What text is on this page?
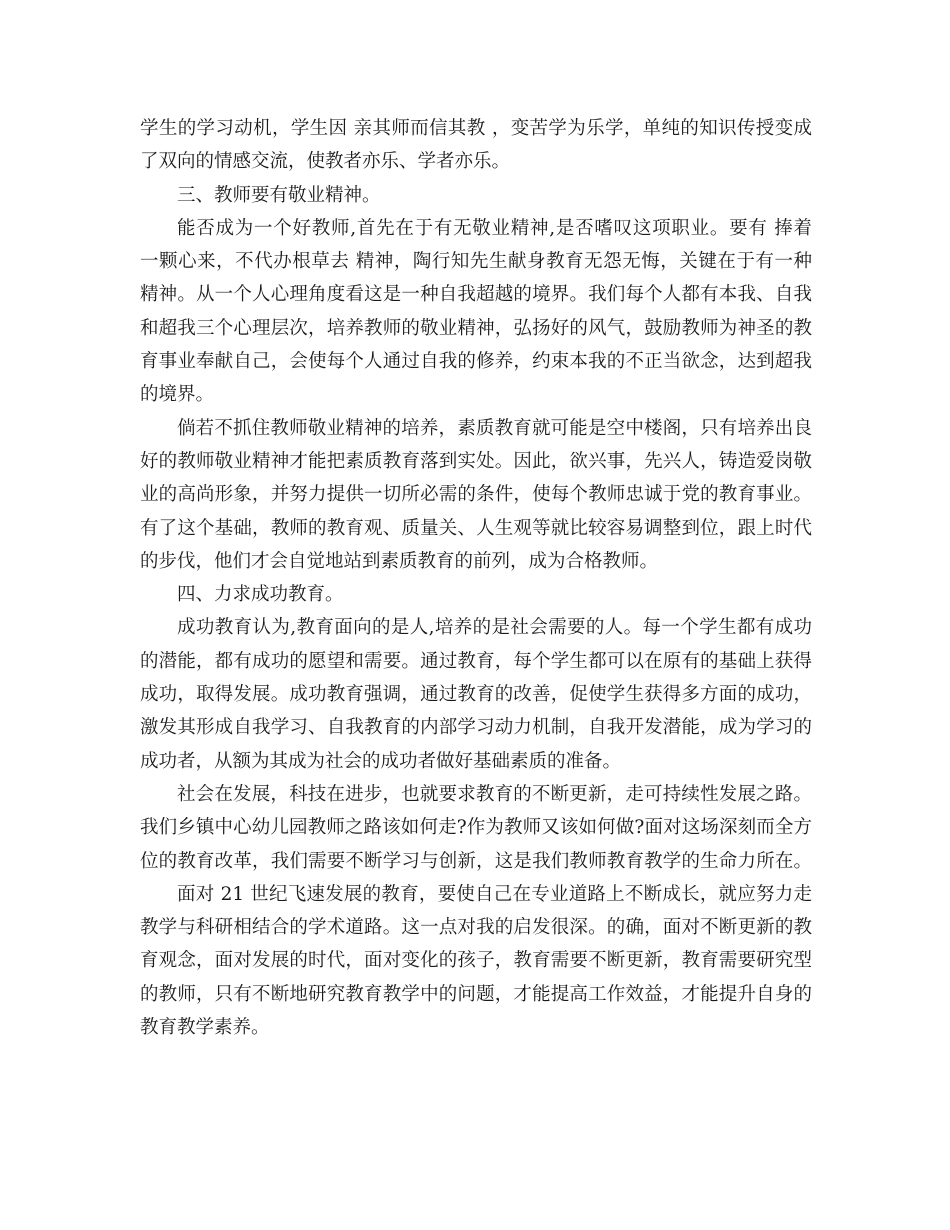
学生的学习动机，学生因 亲其师而信其教 ，变苦学为乐学，单纯的知识传授变成
了双向的情感交流，使教者亦乐、学者亦乐。
三、教师要有敬业精神。
能否成为一个好教师,首先在于有无敬业精神,是否嗜叹这项职业。要有 捧着
一颗心来，不代办根草去 精神，陶行知先生献身教育无怨无悔，关键在于有一种
精神。从一个人心理角度看这是一种自我超越的境界。我们每个人都有本我、自我
和超我三个心理层次，培养教师的敬业精神，弘扬好的风气，鼓励教师为神圣的教
育事业奉献自己，会使每个人通过自我的修养，约束本我的不正当欲念，达到超我
的境界。
倘若不抓住教师敬业精神的培养，素质教育就可能是空中楼阁，只有培养出良
好的教师敬业精神才能把素质教育落到实处。因此，欲兴事，先兴人，铸造爱岗敬
业的高尚形象，并努力提供一切所必需的条件，使每个教师忠诚于党的教育事业。
有了这个基础，教师的教育观、质量关、人生观等就比较容易调整到位，跟上时代
的步伐，他们才会自觉地站到素质教育的前列，成为合格教师。
四、力求成功教育。
成功教育认为,教育面向的是人,培养的是社会需要的人。每一个学生都有成功
的潜能，都有成功的愿望和需要。通过教育，每个学生都可以在原有的基础上获得
成功，取得发展。成功教育强调，通过教育的改善，促使学生获得多方面的成功，
激发其形成自我学习、自我教育的内部学习动力机制，自我开发潜能，成为学习的
成功者，从额为其成为社会的成功者做好基础素质的准备。
社会在发展，科技在进步，也就要求教育的不断更新，走可持续性发展之路。
我们乡镇中心幼儿园教师之路该如何走?作为教师又该如何做?面对这场深刻而全方
位的教育改革，我们需要不断学习与创新，这是我们教师教育教学的生命力所在。
面对 21 世纪飞速发展的教育，要使自己在专业道路上不断成长，就应努力走
教学与科研相结合的学术道路。这一点对我的启发很深。的确，面对不断更新的教
育观念，面对发展的时代，面对变化的孩子，教育需要不断更新，教育需要研究型
的教师，只有不断地研究教育教学中的问题，才能提高工作效益，才能提升自身的
教育教学素养。
